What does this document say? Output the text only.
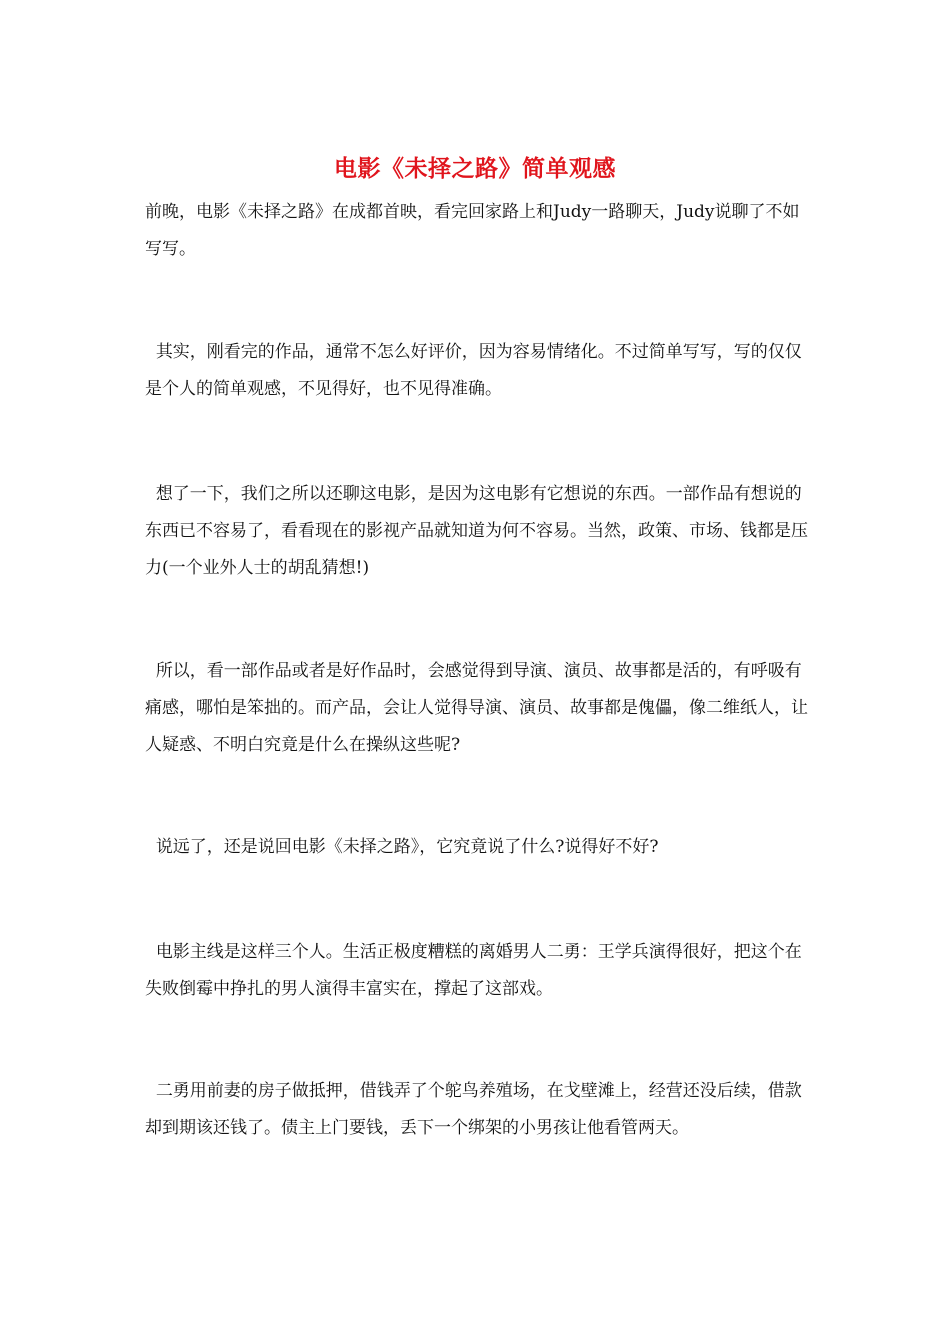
电影《未择之路》简单观感

前晚，电影《未择之路》在成都首映，看完回家路上和Judy一路聊天，Judy说聊了不如写写。

其实，刚看完的作品，通常不怎么好评价，因为容易情绪化。不过简单写写，写的仅仅是个人的简单观感，不见得好，也不见得准确。

想了一下，我们之所以还聊这电影，是因为这电影有它想说的东西。一部作品有想说的东西已不容易了，看看现在的影视产品就知道为何不容易。当然，政策、市场、钱都是压力(一个业外人士的胡乱猜想!)

所以，看一部作品或者是好作品时，会感觉得到导演、演员、故事都是活的，有呼吸有痛感，哪怕是笨拙的。而产品，会让人觉得导演、演员、故事都是傀儡，像二维纸人，让人疑惑、不明白究竟是什么在操纵这些呢?

说远了，还是说回电影《未择之路》，它究竟说了什么?说得好不好?

电影主线是这样三个人。生活正极度糟糕的离婚男人二勇：王学兵演得很好，把这个在失败倒霉中挣扎的男人演得丰富实在，撑起了这部戏。

二勇用前妻的房子做抵押，借钱弄了个鸵鸟养殖场，在戈壁滩上，经营还没后续，借款却到期该还钱了。债主上门要钱，丢下一个绑架的小男孩让他看管两天。
